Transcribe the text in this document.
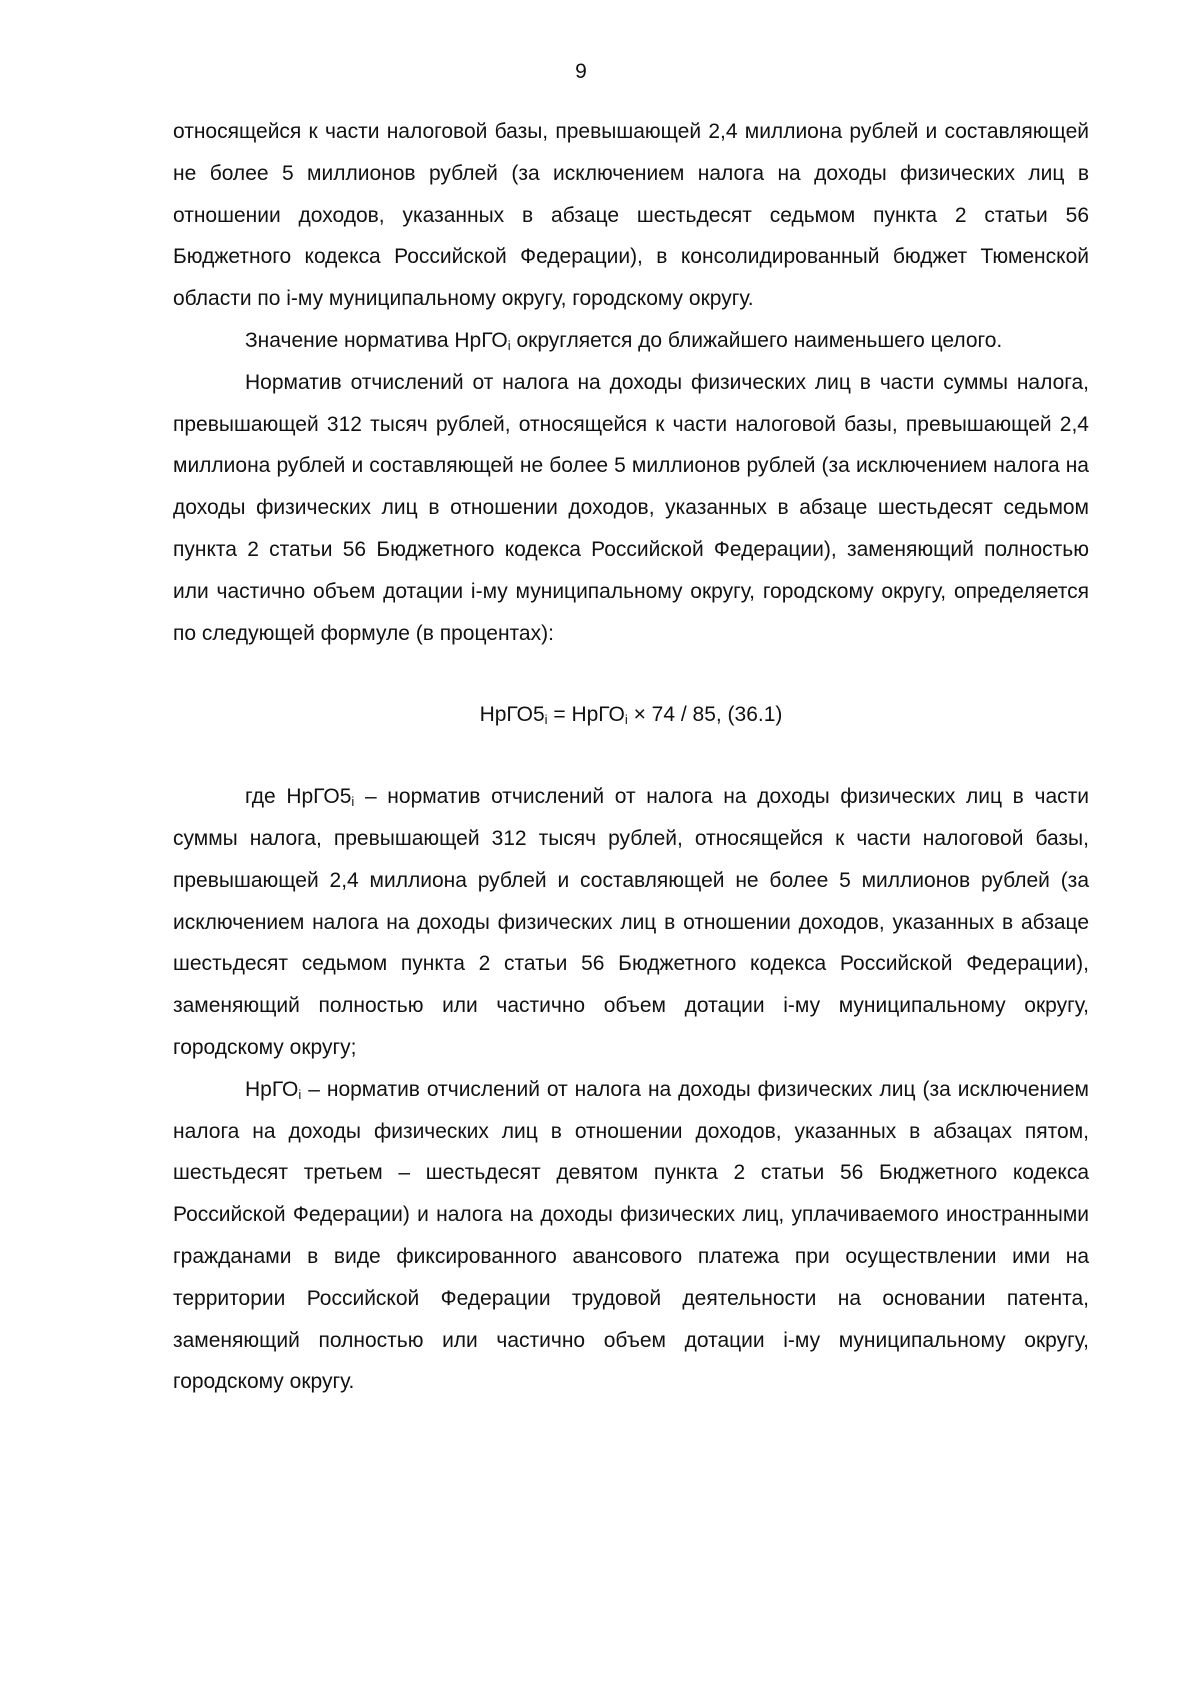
9

относящейся к части налоговой базы, превышающей 2,4 миллиона рублей и составляющей не более 5 миллионов рублей (за исключением налога на доходы физических лиц в отношении доходов, указанных в абзаце шестьдесят седьмом пункта 2 статьи 56 Бюджетного кодекса Российской Федерации), в консолидированный бюджет Тюменской области по i-му муниципальному округу, городскому округу.

Значение норматива НрГО$_i$ округляется до ближайшего наименьшего целого.

Норматив отчислений от налога на доходы физических лиц в части суммы налога, превышающей 312 тысяч рублей, относящейся к части налоговой базы, превышающей 2,4 миллиона рублей и составляющей не более 5 миллионов рублей (за исключением налога на доходы физических лиц в отношении доходов, указанных в абзаце шестьдесят седьмом пункта 2 статьи 56 Бюджетного кодекса Российской Федерации), заменяющий полностью или частично объем дотации i-му муниципальному округу, городскому округу, определяется по следующей формуле (в процентах):

$НрГО5_i$ = НрГО$_i$ × 74 / 85, (36.1)

где $НрГО5_i$ – норматив отчислений от налога на доходы физических лиц в части суммы налога, превышающей 312 тысяч рублей, относящейся к части налоговой базы, превышающей 2,4 миллиона рублей и составляющей не более 5 миллионов рублей (за исключением налога на доходы физических лиц в отношении доходов, указанных в абзаце шестьдесят седьмом пункта 2 статьи 56 Бюджетного кодекса Российской Федерации), заменяющий полностью или частично объем дотации i-му муниципальному округу, городскому округу;

НрГО$_i$ – норматив отчислений от налога на доходы физических лиц (за исключением налога на доходы физических лиц в отношении доходов, указанных в абзацах пятом, шестьдесят третьем – шестьдесят девятом пункта 2 статьи 56 Бюджетного кодекса Российской Федерации) и налога на доходы физических лиц, уплачиваемого иностранными гражданами в виде фиксированного авансового платежа при осуществлении ими на территории Российской Федерации трудовой деятельности на основании патента, заменяющий полностью или частично объем дотации i-му муниципальному округу, городскому округу.
